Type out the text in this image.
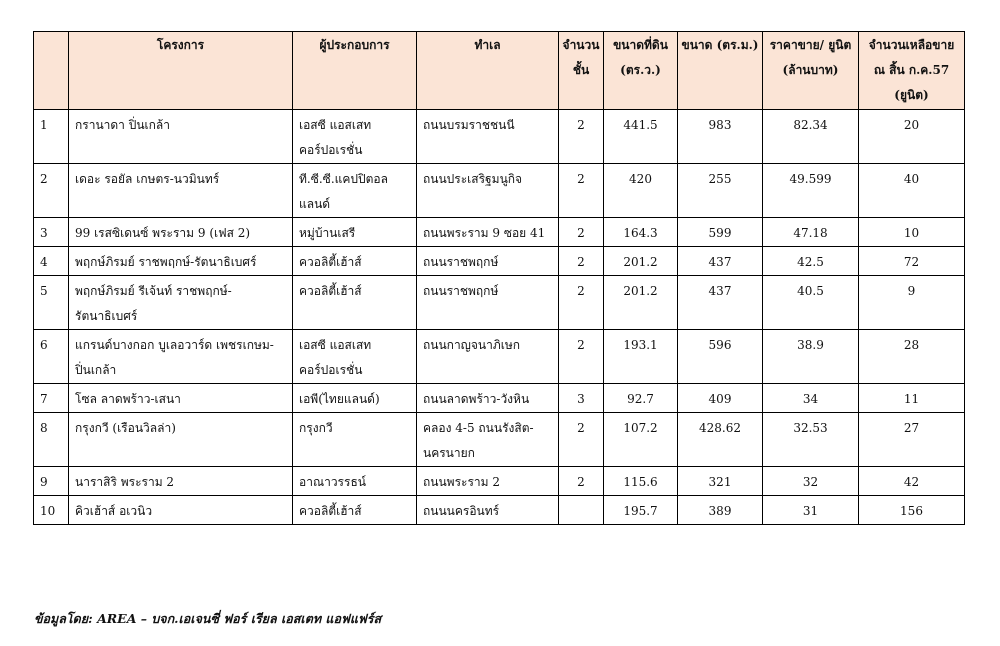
	โครงการ	ผู้ประกอบการ	ทำเล	จำนวนชั้น	ขนาดที่ดิน (ตร.ว.)	ขนาด (ตร.ม.)	ราคาขาย/ ยูนิต (ล้านบาท)	จำนวนเหลือขาย ณ สิ้น ก.ค.57 (ยูนิต)
1	กรานาดา ปิ่นเกล้า	เอสซี แอสเสท คอร์ปอเรชั่น	ถนนบรมราชชนนี	2	441.5	983	82.34	20
2	เดอะ รอยัล เกษตร-นวมินทร์	ที.ซี.ซี.แคปปิตอล แลนด์	ถนนประเสริฐมนูกิจ	2	420	255	49.599	40
3	99 เรสซิเดนซ์ พระราม 9 (เฟส 2)	หมู่บ้านเสรี	ถนนพระราม 9 ซอย 41	2	164.3	599	47.18	10
4	พฤกษ์ภิรมย์ ราชพฤกษ์-รัตนาธิเบศร์	ควอลิตี้เฮ้าส์	ถนนราชพฤกษ์	2	201.2	437	42.5	72
5	พฤกษ์ภิรมย์ รีเจ้นท์ ราชพฤกษ์-รัตนาธิเบศร์	ควอลิตี้เฮ้าส์	ถนนราชพฤกษ์	2	201.2	437	40.5	9
6	แกรนด์บางกอก บูเลอวาร์ด เพชรเกษม-ปิ่นเกล้า	เอสซี แอสเสท คอร์ปอเรชั่น	ถนนกาญจนาภิเษก	2	193.1	596	38.9	28
7	โซล ลาดพร้าว-เสนา	เอพี(ไทยแลนด์)	ถนนลาดพร้าว-วังหิน	3	92.7	409	34	11
8	กรุงกวี (เรือนวิลล่า)	กรุงกวี	คลอง 4-5 ถนนรังสิต-นครนายก	2	107.2	428.62	32.53	27
9	นาราสิริ พระราม 2	อาณาวรรธน์	ถนนพระราม 2	2	115.6	321	32	42
10	คิวเฮ้าส์ อเวนิว	ควอลิตี้เฮ้าส์	ถนนนครอินทร์		195.7	389	31	156
ข้อมูลโดย: AREA – บจก.เอเจนซี่ ฟอร์ เรียล เอสเตท แอฟแฟร์ส
